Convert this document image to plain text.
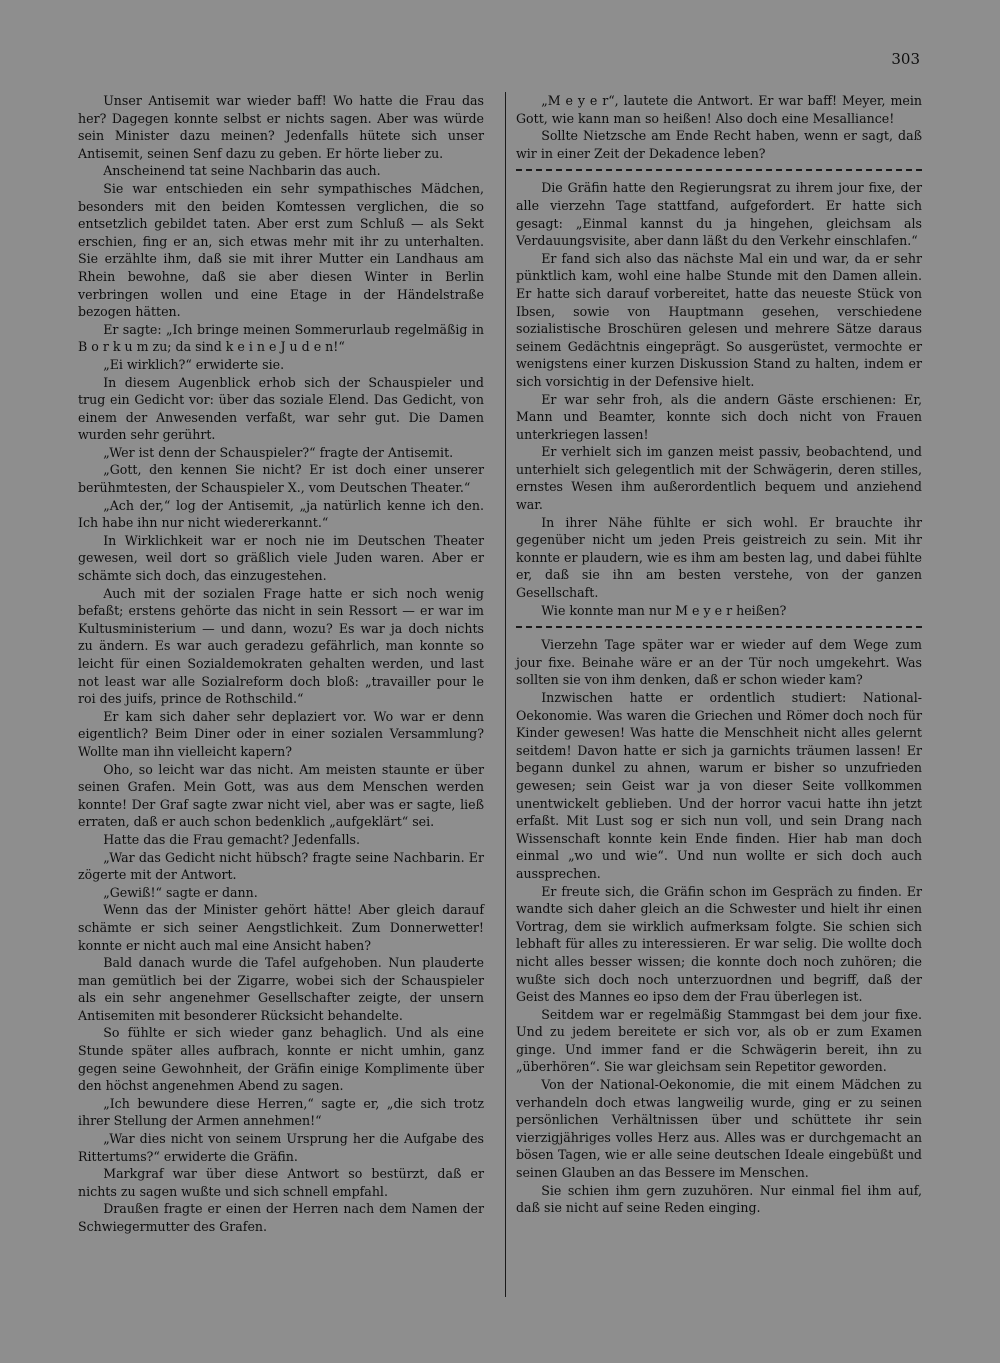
303

Unser Antisemit war wieder baff! Wo hatte die Frau das her? Dagegen konnte selbst er nichts sagen. Aber was würde sein Minister dazu meinen? Jedenfalls hütete sich unser Antisemit, seinen Senf dazu zu geben. Er hörte lieber zu.

Anscheinend tat seine Nachbarin das auch.

Sie war entschieden ein sehr sympathisches Mädchen, besonders mit den beiden Komtessen verglichen, die so entsetzlich gebildet taten. Aber erst zum Schluß — als Sekt erschien, fing er an, sich etwas mehr mit ihr zu unterhalten. Sie erzählte ihm, daß sie mit ihrer Mutter ein Landhaus am Rhein bewohne, daß sie aber diesen Winter in Berlin verbringen wollen und eine Etage in der Händelstraße bezogen hätten.

Er sagte: „Ich bringe meinen Sommerurlaub regelmäßig in B o r k u m zu; da sind k e i n e J u d e n!“

„Ei wirklich?“ erwiderte sie.

In diesem Augenblick erhob sich der Schauspieler und trug ein Gedicht vor: über das soziale Elend. Das Gedicht, von einem der Anwesenden verfaßt, war sehr gut. Die Damen wurden sehr gerührt.

„Wer ist denn der Schauspieler?“ fragte der Antisemit.

„Gott, den kennen Sie nicht? Er ist doch einer unserer berühmtesten, der Schauspieler X., vom Deutschen Theater.“

„Ach der,“ log der Antisemit, „ja natürlich kenne ich den. Ich habe ihn nur nicht wiedererkannt.“

In Wirklichkeit war er noch nie im Deutschen Theater gewesen, weil dort so gräßlich viele Juden waren. Aber er schämte sich doch, das einzugestehen.

Auch mit der sozialen Frage hatte er sich noch wenig befaßt; erstens gehörte das nicht in sein Ressort — er war im Kultusministerium — und dann, wozu? Es war ja doch nichts zu ändern. Es war auch geradezu gefährlich, man konnte so leicht für einen Sozialdemokraten gehalten werden, und last not least war alle Sozialreform doch bloß: „travailler pour le roi des juifs, prince de Rothschild.“

Er kam sich daher sehr deplaziert vor. Wo war er denn eigentlich? Beim Diner oder in einer sozialen Versammlung? Wollte man ihn vielleicht kapern?

Oho, so leicht war das nicht. Am meisten staunte er über seinen Grafen. Mein Gott, was aus dem Menschen werden konnte! Der Graf sagte zwar nicht viel, aber was er sagte, ließ erraten, daß er auch schon bedenklich „aufgeklärt“ sei.

Hatte das die Frau gemacht? Jedenfalls.

„War das Gedicht nicht hübsch? fragte seine Nachbarin. Er zögerte mit der Antwort.

„Gewiß!“ sagte er dann.

Wenn das der Minister gehört hätte! Aber gleich darauf schämte er sich seiner Aengstlichkeit. Zum Donnerwetter! konnte er nicht auch mal eine Ansicht haben?

Bald danach wurde die Tafel aufgehoben. Nun plauderte man gemütlich bei der Zigarre, wobei sich der Schauspieler als ein sehr angenehmer Gesellschafter zeigte, der unsern Antisemiten mit besonderer Rücksicht behandelte.

So fühlte er sich wieder ganz behaglich. Und als eine Stunde später alles aufbrach, konnte er nicht umhin, ganz gegen seine Gewohnheit, der Gräfin einige Komplimente über den höchst angenehmen Abend zu sagen.

„Ich bewundere diese Herren,“ sagte er, „die sich trotz ihrer Stellung der Armen annehmen!“

„War dies nicht von seinem Ursprung her die Aufgabe des Rittertums?“ erwiderte die Gräfin.

Markgraf war über diese Antwort so bestürzt, daß er nichts zu sagen wußte und sich schnell empfahl.

Draußen fragte er einen der Herren nach dem Namen der Schwiegermutter des Grafen.

„M e y e r“, lautete die Antwort. Er war baff! Meyer, mein Gott, wie kann man so heißen! Also doch eine Mesalliance!

Sollte Nietzsche am Ende Recht haben, wenn er sagt, daß wir in einer Zeit der Dekadence leben?

Die Gräfin hatte den Regierungsrat zu ihrem jour fixe, der alle vierzehn Tage stattfand, aufgefordert. Er hatte sich gesagt: „Einmal kannst du ja hingehen, gleichsam als Verdauungsvisite, aber dann läßt du den Verkehr einschlafen.“

Er fand sich also das nächste Mal ein und war, da er sehr pünktlich kam, wohl eine halbe Stunde mit den Damen allein. Er hatte sich darauf vorbereitet, hatte das neueste Stück von Ibsen, sowie von Hauptmann gesehen, verschiedene sozialistische Broschüren gelesen und mehrere Sätze daraus seinem Gedächtnis eingeprägt. So ausgerüstet, vermochte er wenigstens einer kurzen Diskussion Stand zu halten, indem er sich vorsichtig in der Defensive hielt.

Er war sehr froh, als die andern Gäste erschienen: Er, Mann und Beamter, konnte sich doch nicht von Frauen unterkriegen lassen!

Er verhielt sich im ganzen meist passiv, beobachtend, und unterhielt sich gelegentlich mit der Schwägerin, deren stilles, ernstes Wesen ihm außerordentlich bequem und anziehend war.

In ihrer Nähe fühlte er sich wohl. Er brauchte ihr gegenüber nicht um jeden Preis geistreich zu sein. Mit ihr konnte er plaudern, wie es ihm am besten lag, und dabei fühlte er, daß sie ihn am besten verstehe, von der ganzen Gesellschaft.

Wie konnte man nur M e y e r heißen?

Vierzehn Tage später war er wieder auf dem Wege zum jour fixe. Beinahe wäre er an der Tür noch umgekehrt. Was sollten sie von ihm denken, daß er schon wieder kam?

Inzwischen hatte er ordentlich studiert: National-Oekonomie. Was waren die Griechen und Römer doch noch für Kinder gewesen! Was hatte die Menschheit nicht alles gelernt seitdem! Davon hatte er sich ja garnichts träumen lassen! Er begann dunkel zu ahnen, warum er bisher so unzufrieden gewesen; sein Geist war ja von dieser Seite vollkommen unentwickelt geblieben. Und der horror vacui hatte ihn jetzt erfaßt. Mit Lust sog er sich nun voll, und sein Drang nach Wissenschaft konnte kein Ende finden. Hier hab man doch einmal „wo und wie“. Und nun wollte er sich doch auch aussprechen.

Er freute sich, die Gräfin schon im Gespräch zu finden. Er wandte sich daher gleich an die Schwester und hielt ihr einen Vortrag, dem sie wirklich aufmerksam folgte. Sie schien sich lebhaft für alles zu interessieren. Er war selig. Die wollte doch nicht alles besser wissen; die konnte doch noch zuhören; die wußte sich doch noch unterzuordnen und begriff, daß der Geist des Mannes eo ipso dem der Frau überlegen ist.

Seitdem war er regelmäßig Stammgast bei dem jour fixe. Und zu jedem bereitete er sich vor, als ob er zum Examen ginge. Und immer fand er die Schwägerin bereit, ihn zu „überhören“. Sie war gleichsam sein Repetitor geworden.

Von der National-Oekonomie, die mit einem Mädchen zu verhandeln doch etwas langweilig wurde, ging er zu seinen persönlichen Verhältnissen über und schüttete ihr sein vierzigjähriges volles Herz aus. Alles was er durchgemacht an bösen Tagen, wie er alle seine deutschen Ideale eingebüßt und seinen Glauben an das Bessere im Menschen.

Sie schien ihm gern zuzuhören. Nur einmal fiel ihm auf, daß sie nicht auf seine Reden einging.
